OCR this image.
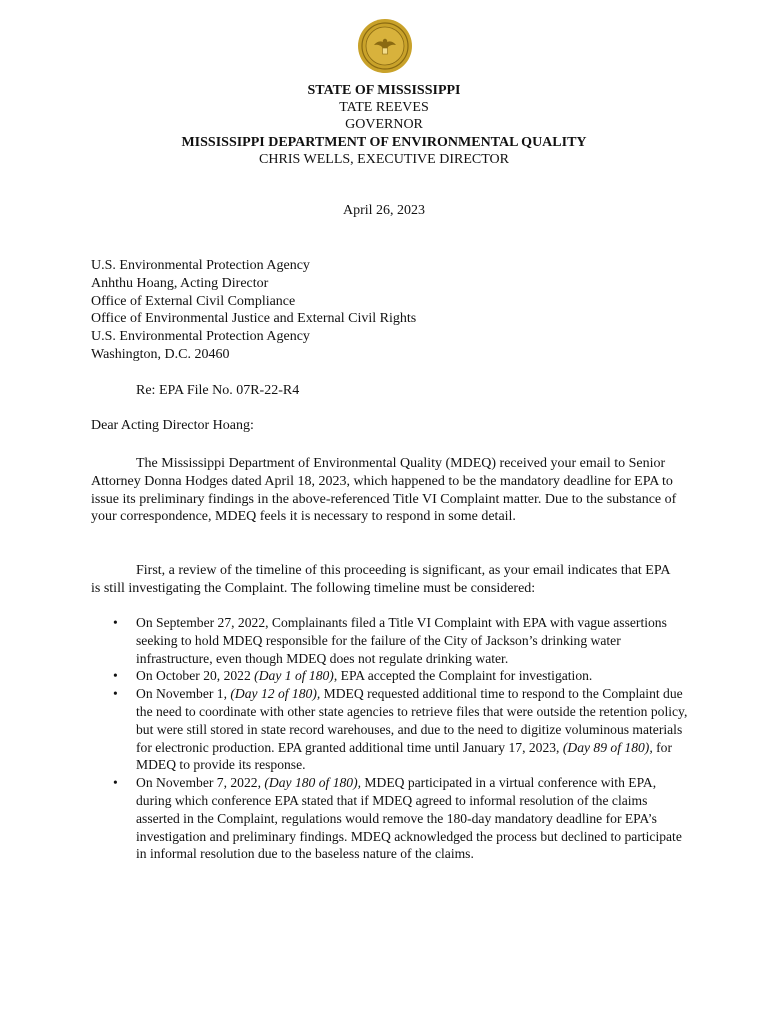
STATE OF MISSISSIPPI
TATE REEVES
GOVERNOR
MISSISSIPPI DEPARTMENT OF ENVIRONMENTAL QUALITY
CHRIS WELLS, EXECUTIVE DIRECTOR
April 26, 2023
U.S. Environmental Protection Agency
Anhthu Hoang, Acting Director
Office of External Civil Compliance
Office of Environmental Justice and External Civil Rights
U.S. Environmental Protection Agency
Washington, D.C. 20460
Re: EPA File No. 07R-22-R4
Dear Acting Director Hoang:
The Mississippi Department of Environmental Quality (MDEQ) received your email to Senior Attorney Donna Hodges dated April 18, 2023, which happened to be the mandatory deadline for EPA to issue its preliminary findings in the above-referenced Title VI Complaint matter. Due to the substance of your correspondence, MDEQ feels it is necessary to respond in some detail.
First, a review of the timeline of this proceeding is significant, as your email indicates that EPA is still investigating the Complaint. The following timeline must be considered:
• On September 27, 2022, Complainants filed a Title VI Complaint with EPA with vague assertions seeking to hold MDEQ responsible for the failure of the City of Jackson’s drinking water infrastructure, even though MDEQ does not regulate drinking water.
• On October 20, 2022 (Day 1 of 180), EPA accepted the Complaint for investigation.
• On November 1, (Day 12 of 180), MDEQ requested additional time to respond to the Complaint due the need to coordinate with other state agencies to retrieve files that were outside the retention policy, but were still stored in state record warehouses, and due to the need to digitize voluminous materials for electronic production. EPA granted additional time until January 17, 2023, (Day 89 of 180), for MDEQ to provide its response.
• On November 7, 2022, (Day 180 of 180), MDEQ participated in a virtual conference with EPA, during which conference EPA stated that if MDEQ agreed to informal resolution of the claims asserted in the Complaint, regulations would remove the 180-day mandatory deadline for EPA’s investigation and preliminary findings. MDEQ acknowledged the process but declined to participate in informal resolution due to the baseless nature of the claims.
